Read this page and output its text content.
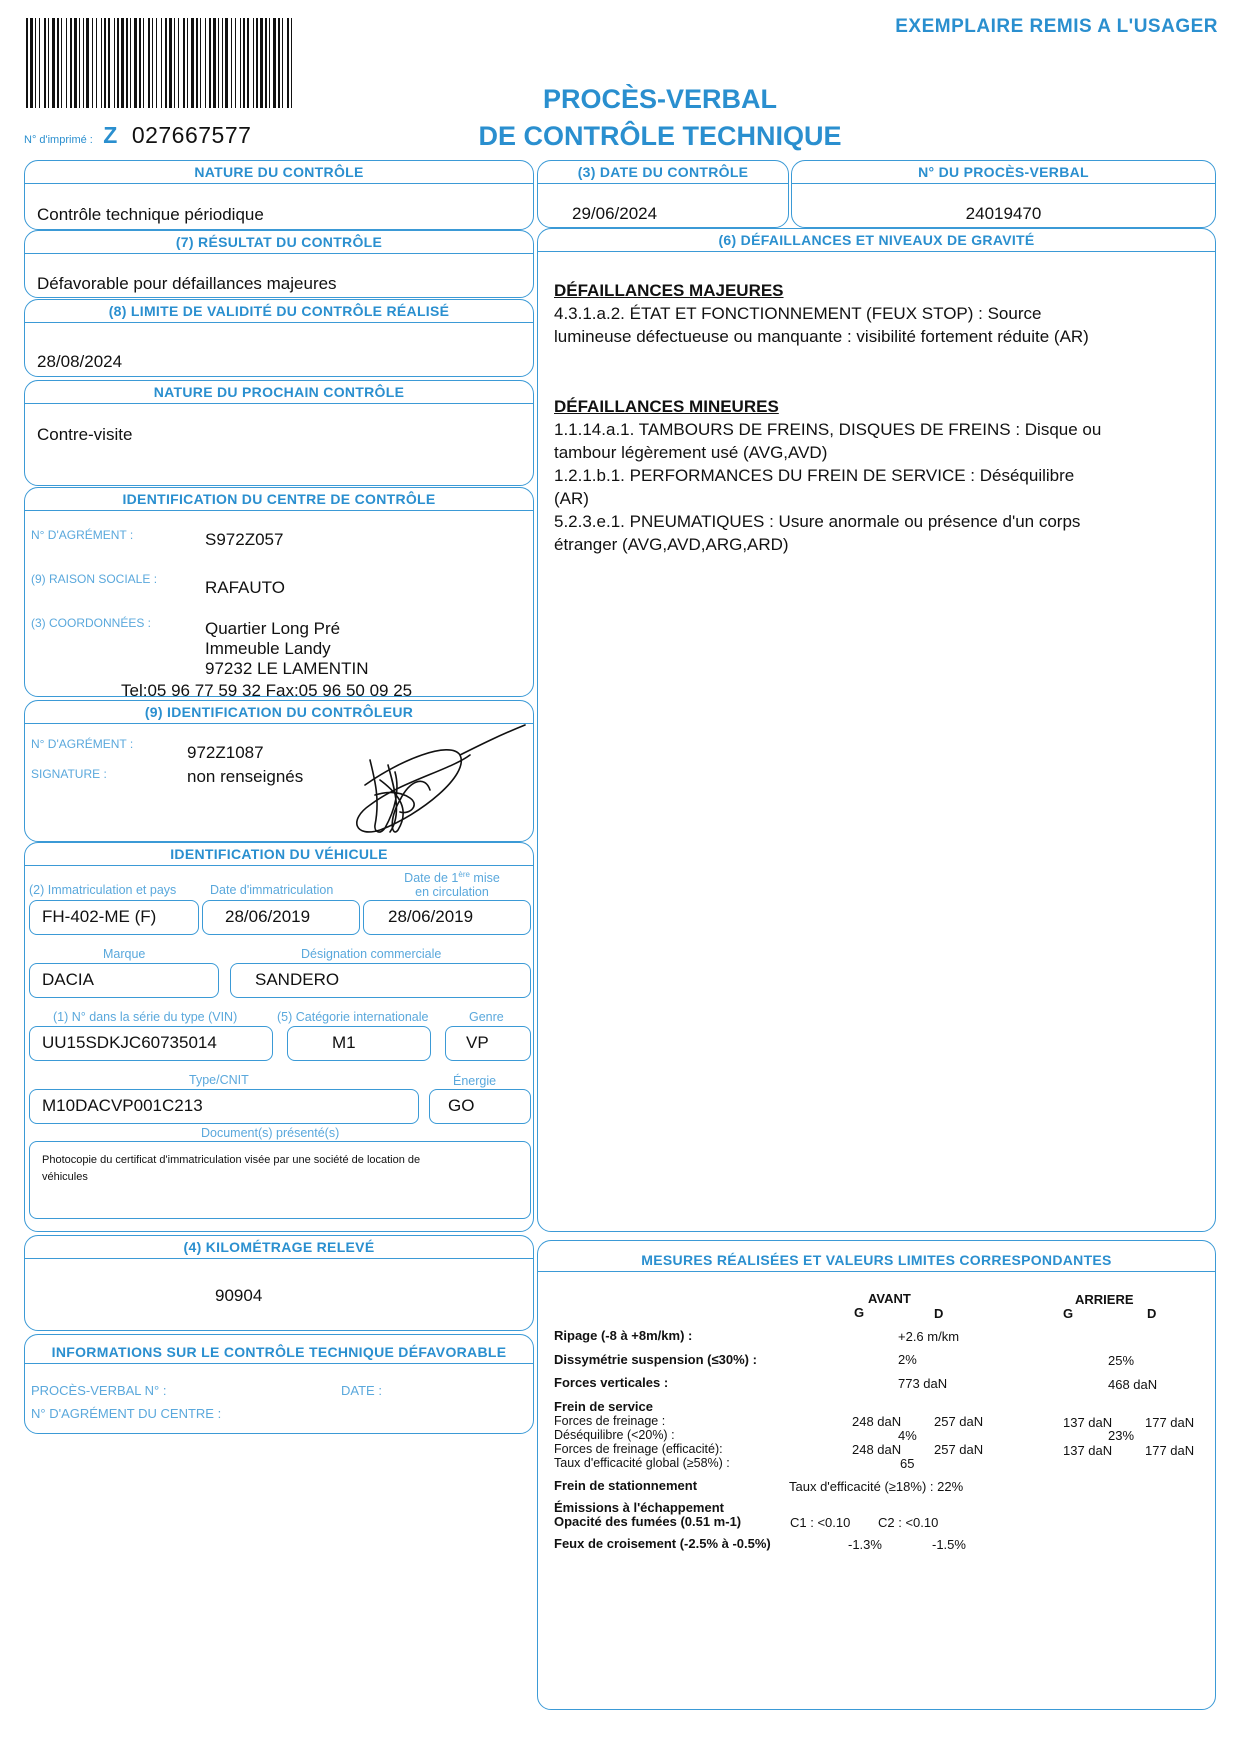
EXEMPLAIRE REMIS A L'USAGER
PROCÈS-VERBAL
DE CONTRÔLE TECHNIQUE
N° d'imprimé : Z 027667577
NATURE DU CONTRÔLE
Contrôle technique périodique
(3) DATE DU CONTRÔLE
29/06/2024
N° DU PROCÈS-VERBAL
24019470
(7) RÉSULTAT DU CONTRÔLE
Défavorable pour défaillances majeures
(8) LIMITE DE VALIDITÉ DU CONTRÔLE RÉALISÉ
28/08/2024
NATURE DU PROCHAIN CONTRÔLE
Contre-visite
IDENTIFICATION DU CENTRE DE CONTRÔLE
N° D'AGRÉMENT :	S972Z057
(9) RAISON SOCIALE :	RAFAUTO
(3) COORDONNÉES :	Quartier Long Pré
Immeuble Landy
97232 LE LAMENTIN
Tel:05 96 77 59 32 Fax:05 96 50 09 25
(9) IDENTIFICATION DU CONTRÔLEUR
N° D'AGRÉMENT :	972Z1087
SIGNATURE :	non renseignés
IDENTIFICATION DU VÉHICULE
(2) Immatriculation et pays	Date d'immatriculation
Date de 1ère mise
en circulation
FH-402-ME (F)	28/06/2019	28/06/2019
Marque	Désignation commerciale
DACIA	SANDERO
(1) N° dans la série du type (VIN)	(5) Catégorie internationale	Genre
UU15SDKJC60735014	M1	VP
Type/CNIT	Énergie
M10DACVP001C213	GO
Document(s) présenté(s)
Photocopie du certificat d'immatriculation visée par une société de location de
véhicules
(4) KILOMÉTRAGE RELEVÉ
90904
INFORMATIONS SUR LE CONTRÔLE TECHNIQUE DÉFAVORABLE
PROCÈS-VERBAL N° :	DATE :
N° D'AGRÉMENT DU CENTRE :
(6) DÉFAILLANCES ET NIVEAUX DE GRAVITÉ
DÉFAILLANCES MAJEURES
4.3.1.a.2. ÉTAT ET FONCTIONNEMENT (FEUX STOP) : Source
lumineuse défectueuse ou manquante : visibilité fortement réduite (AR)
DÉFAILLANCES MINEURES
1.1.14.a.1. TAMBOURS DE FREINS, DISQUES DE FREINS : Disque ou
tambour légèrement usé (AVG,AVD)
1.2.1.b.1. PERFORMANCES DU FREIN DE SERVICE : Déséquilibre
(AR)
5.2.3.e.1. PNEUMATIQUES : Usure anormale ou présence d'un corps
étranger (AVG,AVD,ARG,ARD)
MESURES RÉALISÉES ET VALEURS LIMITES CORRESPONDANTES
AVANT	ARRIERE
G	D	G	D
Ripage (-8 à +8m/km) :	+2.6 m/km
Dissymétrie suspension (≤30%) :	2%	25%
Forces verticales :	773 daN	468 daN
Frein de service
Forces de freinage :	248 daN	257 daN	137 daN	177 daN
Déséquilibre (<20%) :	4%	23%
Forces de freinage (efficacité):	248 daN	257 daN	137 daN	177 daN
Taux d'efficacité global (≥58%) :	65
Frein de stationnement	Taux d'efficacité (≥18%) : 22%
Émissions à l'échappement
Opacité des fumées (0.51 m-1)	C1 : <0.10 C2 : <0.10
Feux de croisement (-2.5% à -0.5%)	-1.3%	-1.5%
